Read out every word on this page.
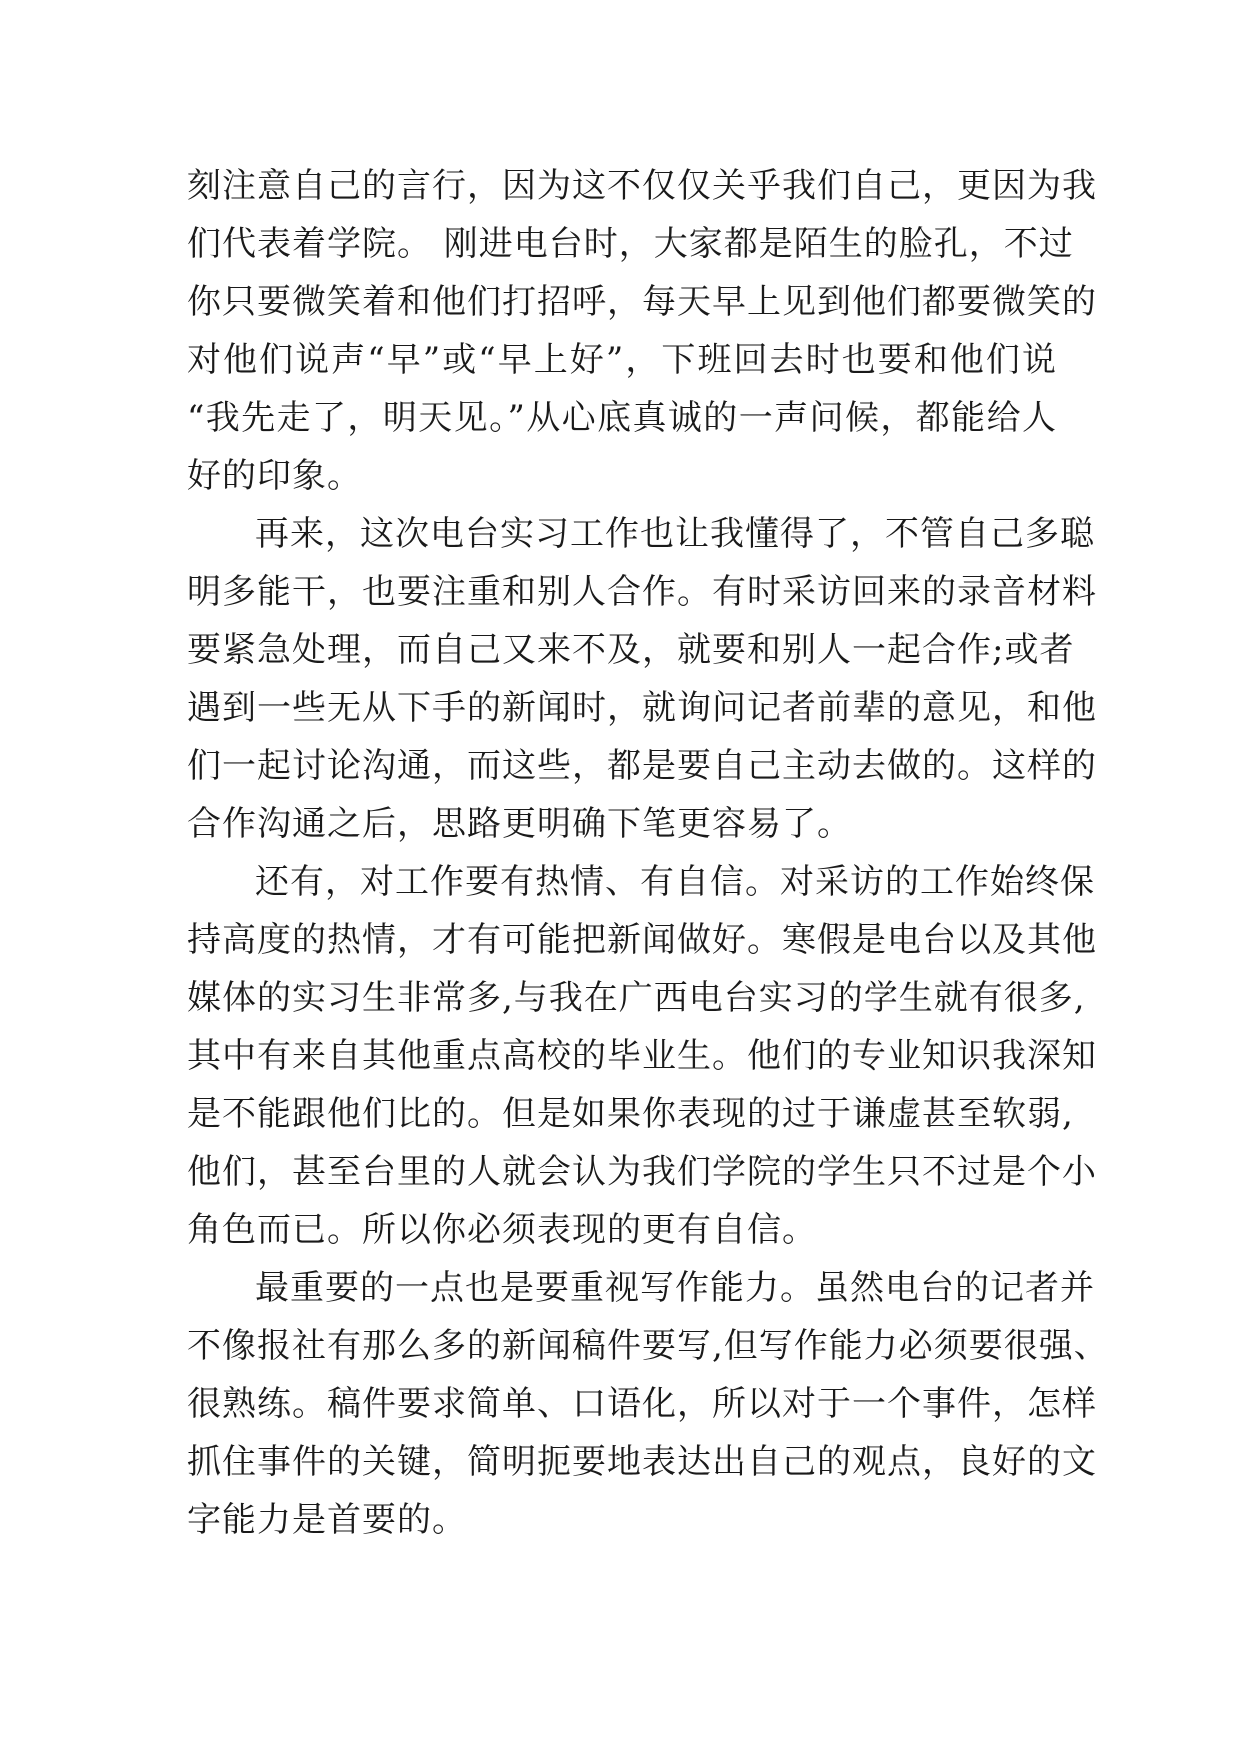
刻注意自己的言行，因为这不仅仅关乎我们自己，更因为我
们代表着学院。 刚进电台时，大家都是陌生的脸孔，不过
你只要微笑着和他们打招呼，每天早上见到他们都要微笑的
对他们说声“早”或“早上好”，下班回去时也要和他们说
“我先走了，明天见。”从心底真诚的一声问候，都能给人
好的印象。
再来，这次电台实习工作也让我懂得了，不管自己多聪
明多能干，也要注重和别人合作。有时采访回来的录音材料
要紧急处理，而自己又来不及，就要和别人一起合作;或者
遇到一些无从下手的新闻时，就询问记者前辈的意见，和他
们一起讨论沟通，而这些，都是要自己主动去做的。这样的
合作沟通之后，思路更明确下笔更容易了。
还有，对工作要有热情、有自信。对采访的工作始终保
持高度的热情，才有可能把新闻做好。寒假是电台以及其他
媒体的实习生非常多,与我在广西电台实习的学生就有很多,
其中有来自其他重点高校的毕业生。他们的专业知识我深知
是不能跟他们比的。但是如果你表现的过于谦虚甚至软弱,
他们，甚至台里的人就会认为我们学院的学生只不过是个小
角色而已。所以你必须表现的更有自信。
最重要的一点也是要重视写作能力。虽然电台的记者并
不像报社有那么多的新闻稿件要写,但写作能力必须要很强、
很熟练。稿件要求简单、口语化，所以对于一个事件，怎样
抓住事件的关键，简明扼要地表达出自己的观点，良好的文
字能力是首要的。
